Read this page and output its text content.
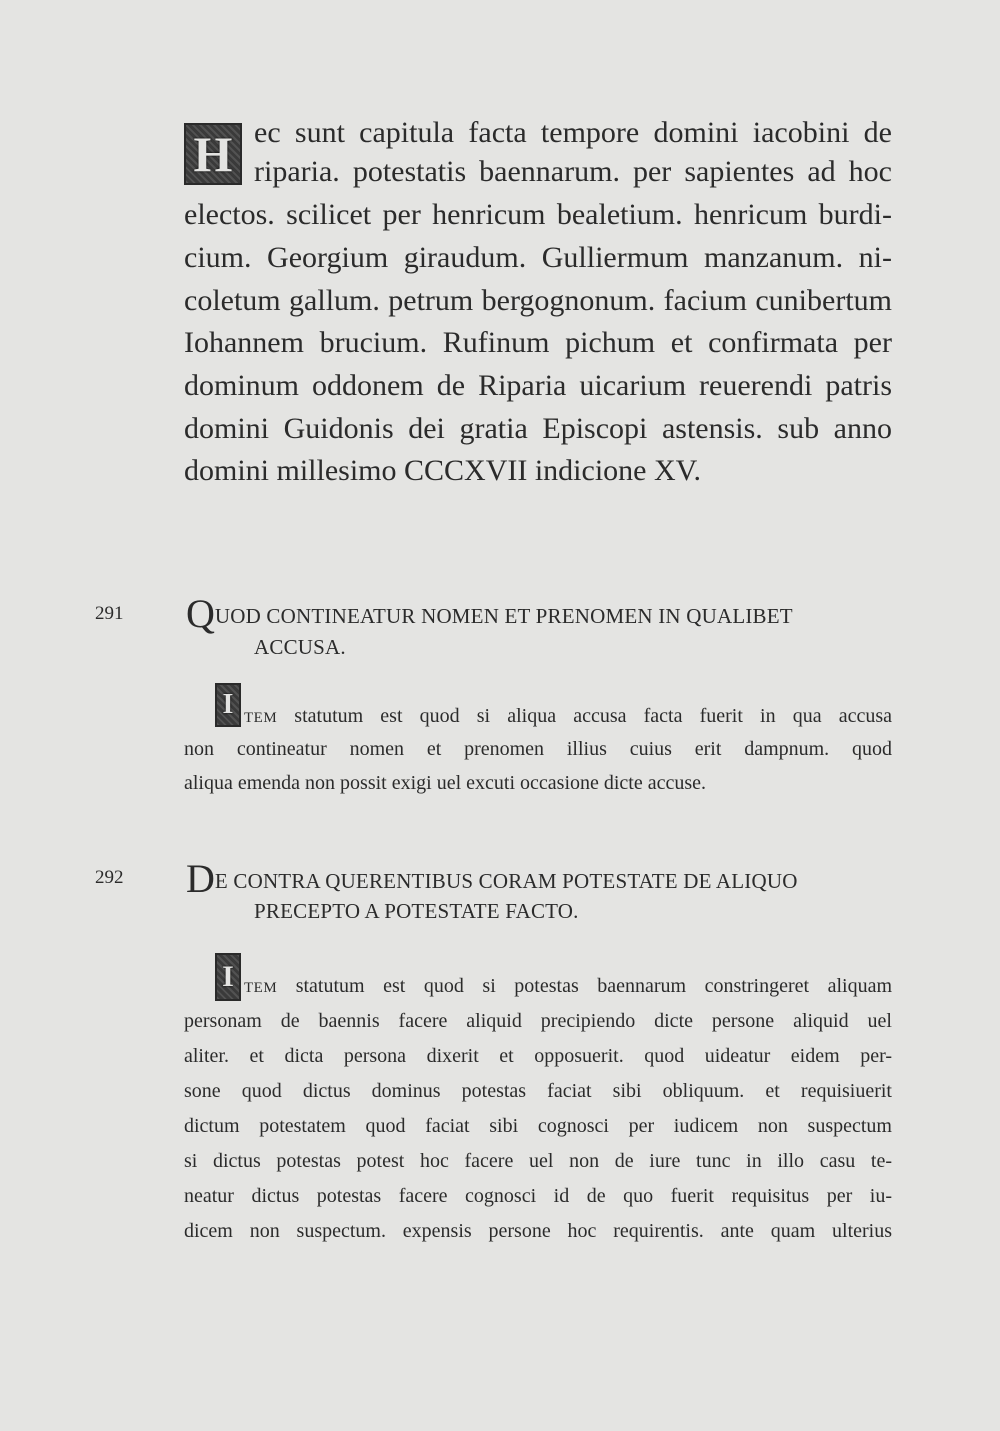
H ec sunt capitula facta tempore domini iacobini de
riparia. potestatis baennarum. per sapientes ad hoc
electos. scilicet per henricum bealetium. henricum burdi-
cium. Georgium giraudum. Gulliermum manzanum. ni-
coletum gallum. petrum bergognonum. facium cunibertum
Iohannem brucium. Rufinum pichum et confirmata per
dominum oddonem de Riparia uicarium reuerendi patris
domini Guidonis dei gratia Episcopi astensis. sub anno
domini millesimo CCCXVII indicione XV.
291 QUOD CONTINEATUR NOMEN ET PRENOMEN IN QUALIBET
ACCUSA.
I TEM statutum est quod si aliqua accusa facta fuerit in qua accusa
non contineatur nomen et prenomen illius cuius erit dampnum. quod
aliqua emenda non possit exigi uel excuti occasione dicte accuse.
292 DE CONTRA QUERENTIBUS CORAM POTESTATE DE ALIQUO
PRECEPTO A POTESTATE FACTO.
I TEM statutum est quod si potestas baennarum constringeret aliquam
personam de baennis facere aliquid precipiendo dicte persone aliquid uel
aliter. et dicta persona dixerit et opposuerit. quod uideatur eidem per-
sone quod dictus dominus potestas faciat sibi obliquum. et requisiuerit
dictum potestatem quod faciat sibi cognosci per iudicem non suspectum
si dictus potestas potest hoc facere uel non de iure tunc in illo casu te-
neatur dictus potestas facere cognosci id de quo fuerit requisitus per iu-
dicem non suspectum. expensis persone hoc requirentis. ante quam ulterius
